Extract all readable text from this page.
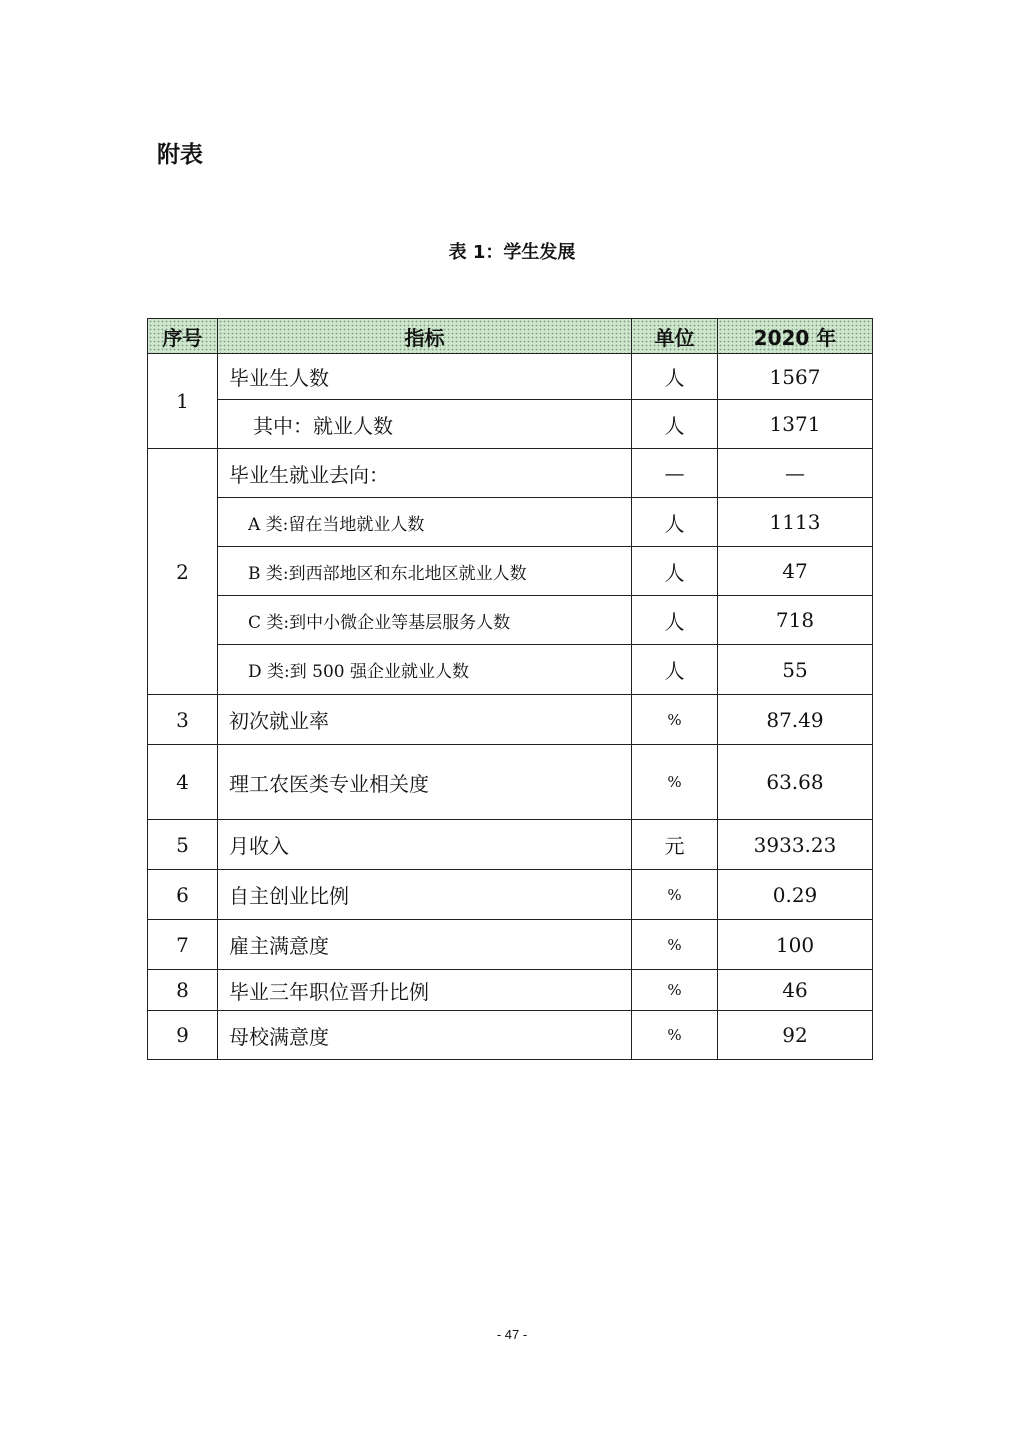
附表
表 1：学生发展
序号	指标	单位	2020 年
1	毕业生人数	人	1567
	其中：就业人数	人	1371
2	毕业生就业去向：	—	—
	A 类:留在当地就业人数	人	1113
	B 类:到西部地区和东北地区就业人数	人	47
	C 类:到中小微企业等基层服务人数	人	718
	D 类:到 500 强企业就业人数	人	55
3	初次就业率	%	87.49
4	理工农医类专业相关度	%	63.68
5	月收入	元	3933.23
6	自主创业比例	%	0.29
7	雇主满意度	%	100
8	毕业三年职位晋升比例	%	46
9	母校满意度	%	92
- 47 -
